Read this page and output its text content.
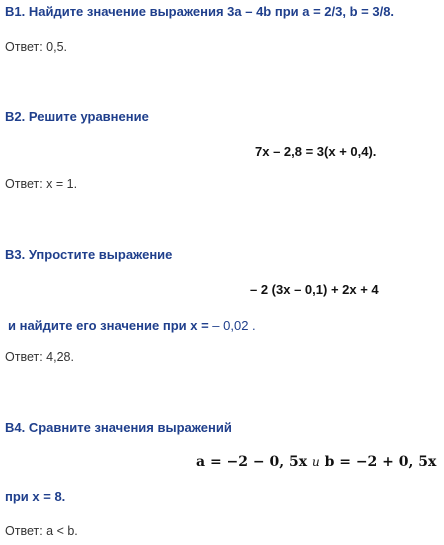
В1. Найдите значение выражения 3а – 4b при а = 2/3, b = 3/8.

Ответ: 0,5.

В2. Решите уравнение

7х – 2,8 = 3(х + 0,4).

Ответ: х = 1.

В3. Упростите выражение

– 2 (3х – 0,1) + 2х + 4

и найдите его значение при х = – 0,02 .

Ответ: 4,28.

В4. Сравните значения выражений

a = −2 − 0, 5x и b = −2 + 0, 5x

при х = 8.

Ответ: а < b.
